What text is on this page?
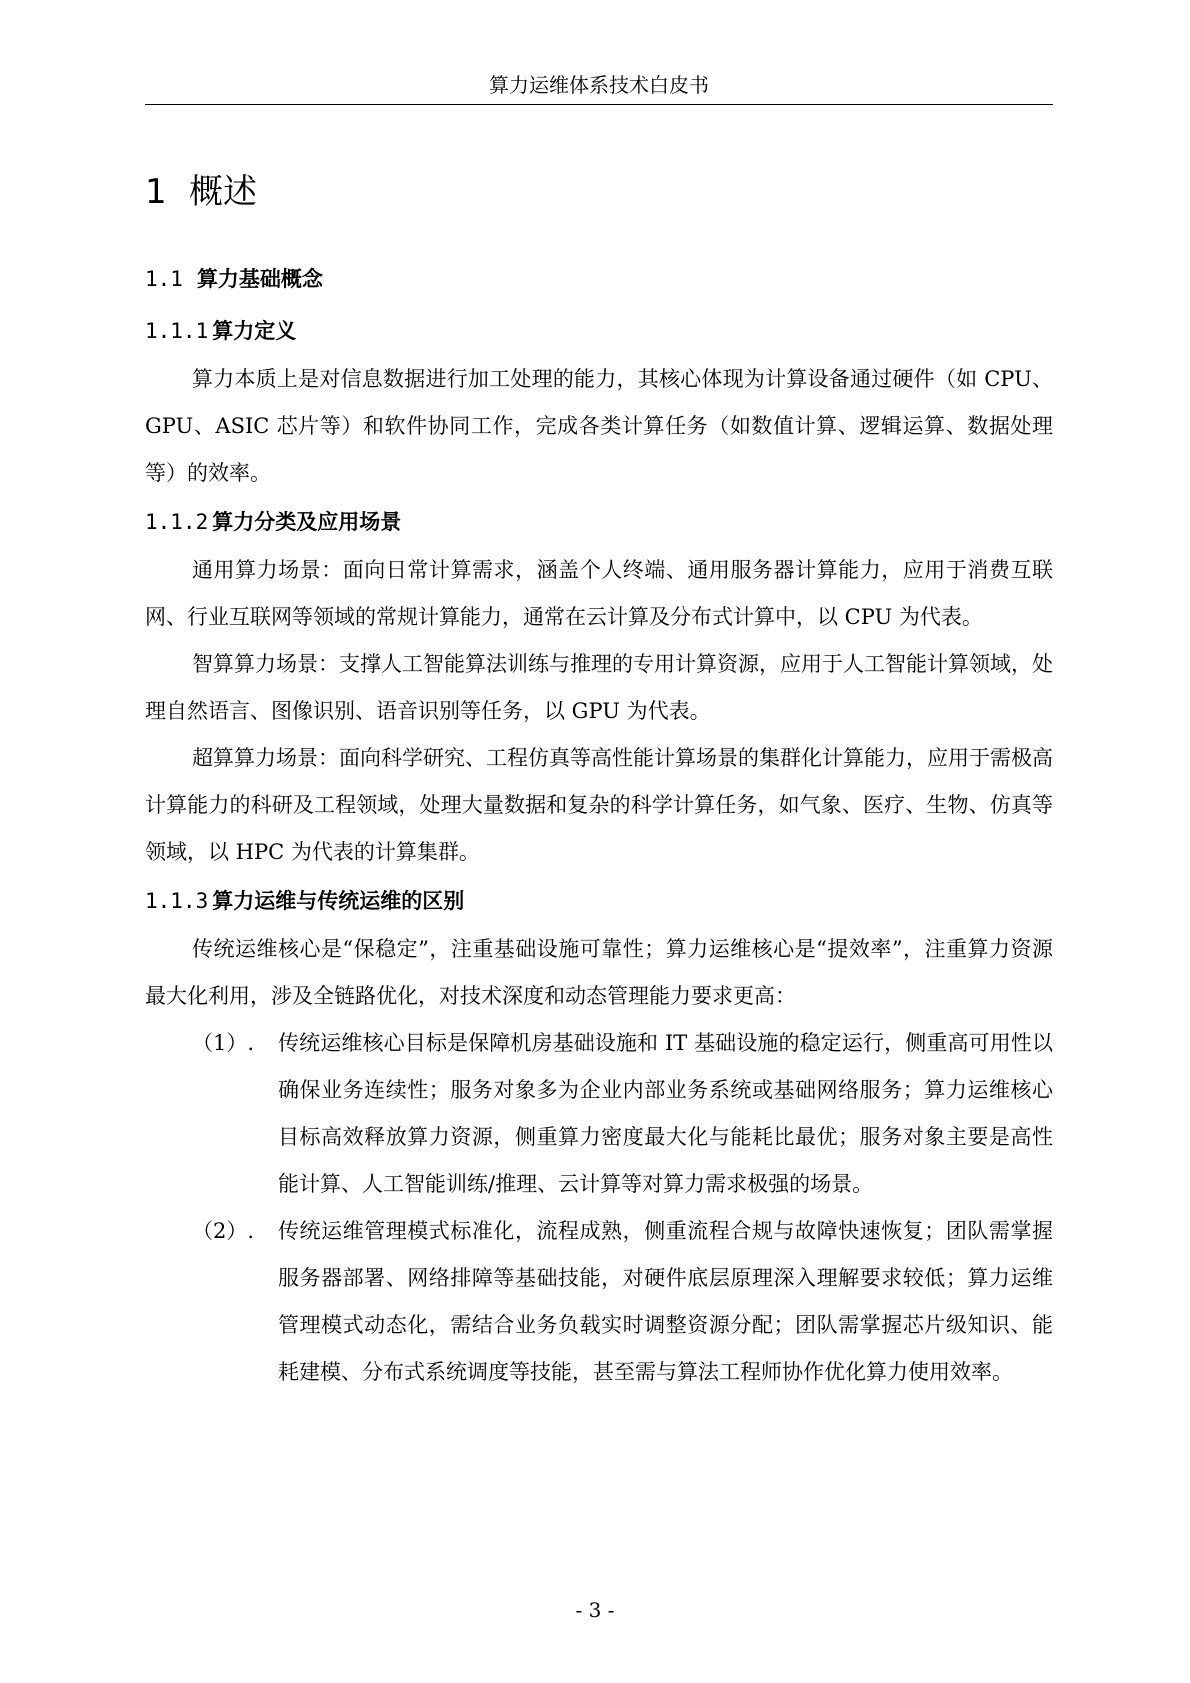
算力运维体系技术白皮书
1 概述
1.1 算力基础概念
1.1.1 算力定义

算力本质上是对信息数据进行加工处理的能力，其核心体现为计算设备通过硬件（如 CPU、GPU、ASIC 芯片等）和软件协同工作，完成各类计算任务（如数值计算、逻辑运算、数据处理等）的效率。

1.1.2 算力分类及应用场景

通用算力场景：面向日常计算需求，涵盖个人终端、通用服务器计算能力，应用于消费互联网、行业互联网等领域的常规计算能力，通常在云计算及分布式计算中，以 CPU 为代表。

智算算力场景：支撑人工智能算法训练与推理的专用计算资源，应用于人工智能计算领域，处理自然语言、图像识别、语音识别等任务，以 GPU 为代表。

超算算力场景：面向科学研究、工程仿真等高性能计算场景的集群化计算能力，应用于需极高计算能力的科研及工程领域，处理大量数据和复杂的科学计算任务，如气象、医疗、生物、仿真等领域，以 HPC 为代表的计算集群。

1.1.3 算力运维与传统运维的区别

传统运维核心是“保稳定”，注重基础设施可靠性；算力运维核心是“提效率”，注重算力资源最大化利用，涉及全链路优化，对技术深度和动态管理能力要求更高：

（1）.	传统运维核心目标是保障机房基础设施和 IT 基础设施的稳定运行，侧重高可用性以确保业务连续性；服务对象多为企业内部业务系统或基础网络服务；算力运维核心目标高效释放算力资源，侧重算力密度最大化与能耗比最优；服务对象主要是高性能计算、人工智能训练/推理、云计算等对算力需求极强的场景。
（2）.	传统运维管理模式标准化，流程成熟，侧重流程合规与故障快速恢复；团队需掌握服务器部署、网络排障等基础技能，对硬件底层原理深入理解要求较低；算力运维管理模式动态化，需结合业务负载实时调整资源分配；团队需掌握芯片级知识、能耗建模、分布式系统调度等技能，甚至需与算法工程师协作优化算力使用效率。
- 3 -
